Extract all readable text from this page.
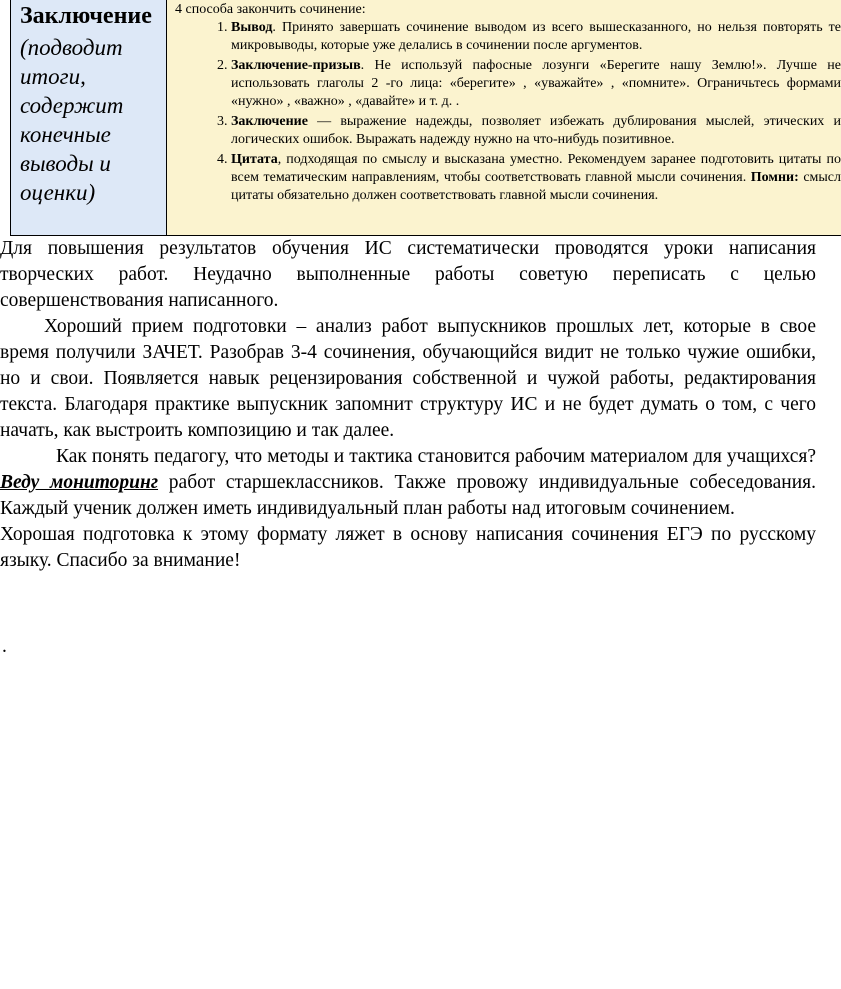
Заключение
(подводит итоги, содержит конечные выводы и оценки)

4 способа закончить сочинение:

1. Вывод. Принято завершать сочинение выводом из всего вышесказанного, но нельзя повторять те микровыводы, которые уже делались в сочинении после аргументов.
2. Заключение-призыв. Не используй пафосные лозунги «Берегите нашу Землю!». Лучше не использовать глаголы 2 -го лица: «берегите» , «уважайте» , «помните». Ограничьтесь формами «нужно» , «важно» , «давайте» и т. д. .
3. Заключение — выражение надежды, позволяет избежать дублирования мыслей, этических и логических ошибок. Выражать надежду нужно на что-нибудь позитивное.
4. Цитата, подходящая по смыслу и высказана уместно. Рекомендуем заранее подготовить цитаты по всем тематическим направлениям, чтобы соответствовать главной мысли сочинения. Помни: смысл цитаты обязательно должен соответствовать главной мысли сочинения.

Для повышения результатов обучения ИС систематически проводятся уроки написания творческих работ. Неудачно выполненные работы советую переписать с целью совершенствования написанного.

Хороший прием подготовки – анализ работ выпускников прошлых лет, которые в свое время получили ЗАЧЕТ. Разобрав 3-4 сочинения, обучающийся видит не только чужие ошибки, но и свои. Появляется навык рецензирования собственной и чужой работы, редактирования текста. Благодаря практике выпускник запомнит структуру ИС и не будет думать о том, с чего начать, как выстроить композицию и так далее.

Как понять педагогу, что методы и тактика становится рабочим материалом для учащихся? Веду мониторинг работ старшеклассников. Также провожу индивидуальные собеседования. Каждый ученик должен иметь индивидуальный план работы над итоговым сочинением.

Хорошая подготовка к этому формату ляжет в основу написания сочинения ЕГЭ по русскому языку. Спасибо за внимание!

.
